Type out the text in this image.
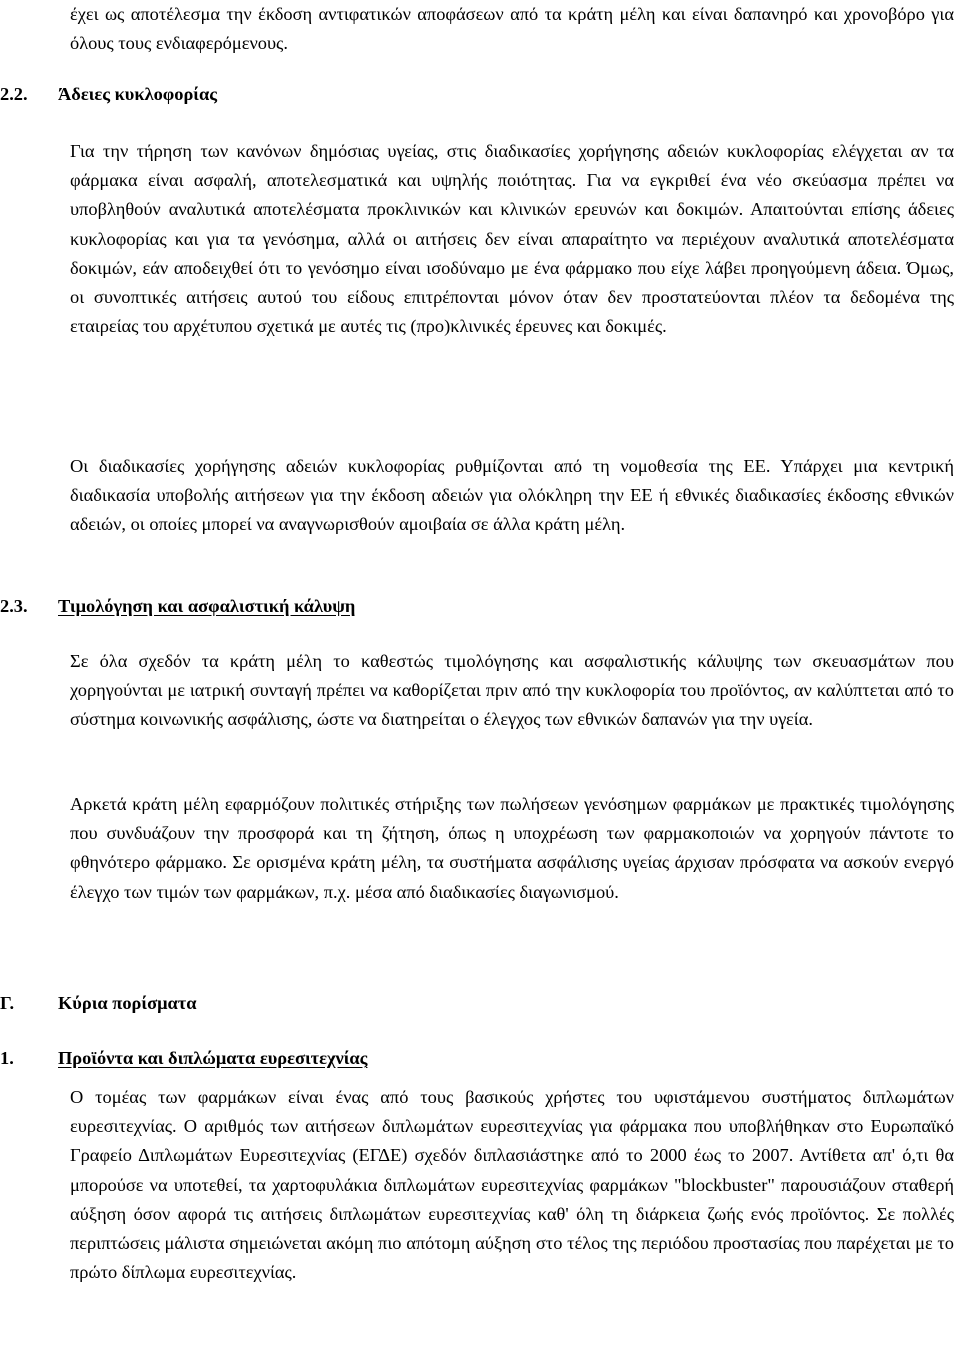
έχει ως αποτέλεσμα την έκδοση αντιφατικών αποφάσεων από τα κράτη μέλη και είναι δαπανηρό και χρονοβόρο για όλους τους ενδιαφερόμενους.

2.2. Άδειες κυκλοφορίας

Για την τήρηση των κανόνων δημόσιας υγείας, στις διαδικασίες χορήγησης αδειών κυκλοφορίας ελέγχεται αν τα φάρμακα είναι ασφαλή, αποτελεσματικά και υψηλής ποιότητας. Για να εγκριθεί ένα νέο σκεύασμα πρέπει να υποβληθούν αναλυτικά αποτελέσματα προκλινικών και κλινικών ερευνών και δοκιμών. Απαιτούνται επίσης άδειες κυκλοφορίας και για τα γενόσημα, αλλά οι αιτήσεις δεν είναι απαραίτητο να περιέχουν αναλυτικά αποτελέσματα δοκιμών, εάν αποδειχθεί ότι το γενόσημο είναι ισοδύναμο με ένα φάρμακο που είχε λάβει προηγούμενη άδεια. Όμως, οι συνοπτικές αιτήσεις αυτού του είδους επιτρέπονται μόνον όταν δεν προστατεύονται πλέον τα δεδομένα της εταιρείας του αρχέτυπου σχετικά με αυτές τις (προ)κλινικές έρευνες και δοκιμές.

Οι διαδικασίες χορήγησης αδειών κυκλοφορίας ρυθμίζονται από τη νομοθεσία της ΕΕ. Υπάρχει μια κεντρική διαδικασία υποβολής αιτήσεων για την έκδοση αδειών για ολόκληρη την ΕΕ ή εθνικές διαδικασίες έκδοσης εθνικών αδειών, οι οποίες μπορεί να αναγνωρισθούν αμοιβαία σε άλλα κράτη μέλη.

2.3. Τιμολόγηση και ασφαλιστική κάλυψη

Σε όλα σχεδόν τα κράτη μέλη το καθεστώς τιμολόγησης και ασφαλιστικής κάλυψης των σκευασμάτων που χορηγούνται με ιατρική συνταγή πρέπει να καθορίζεται πριν από την κυκλοφορία του προϊόντος, αν καλύπτεται από το σύστημα κοινωνικής ασφάλισης, ώστε να διατηρείται ο έλεγχος των εθνικών δαπανών για την υγεία.

Αρκετά κράτη μέλη εφαρμόζουν πολιτικές στήριξης των πωλήσεων γενόσημων φαρμάκων με πρακτικές τιμολόγησης που συνδυάζουν την προσφορά και τη ζήτηση, όπως η υποχρέωση των φαρμακοποιών να χορηγούν πάντοτε το φθηνότερο φάρμακο. Σε ορισμένα κράτη μέλη, τα συστήματα ασφάλισης υγείας άρχισαν πρόσφατα να ασκούν ενεργό έλεγχο των τιμών των φαρμάκων, π.χ. μέσα από διαδικασίες διαγωνισμού.

Γ. Κύρια πορίσματα
1. Προϊόντα και διπλώματα ευρεσιτεχνίας

Ο τομέας των φαρμάκων είναι ένας από τους βασικούς χρήστες του υφιστάμενου συστήματος διπλωμάτων ευρεσιτεχνίας. Ο αριθμός των αιτήσεων διπλωμάτων ευρεσιτεχνίας για φάρμακα που υποβλήθηκαν στο Ευρωπαϊκό Γραφείο Διπλωμάτων Ευρεσιτεχνίας (ΕΓΔΕ) σχεδόν διπλασιάστηκε από το 2000 έως το 2007. Αντίθετα απ' ό,τι θα μπορούσε να υποτεθεί, τα χαρτοφυλάκια διπλωμάτων ευρεσιτεχνίας φαρμάκων "blockbuster" παρουσιάζουν σταθερή αύξηση όσον αφορά τις αιτήσεις διπλωμάτων ευρεσιτεχνίας καθ' όλη τη διάρκεια ζωής ενός προϊόντος. Σε πολλές περιπτώσεις μάλιστα σημειώνεται ακόμη πιο απότομη αύξηση στο τέλος της περιόδου προστασίας που παρέχεται με το πρώτο δίπλωμα ευρεσιτεχνίας.
